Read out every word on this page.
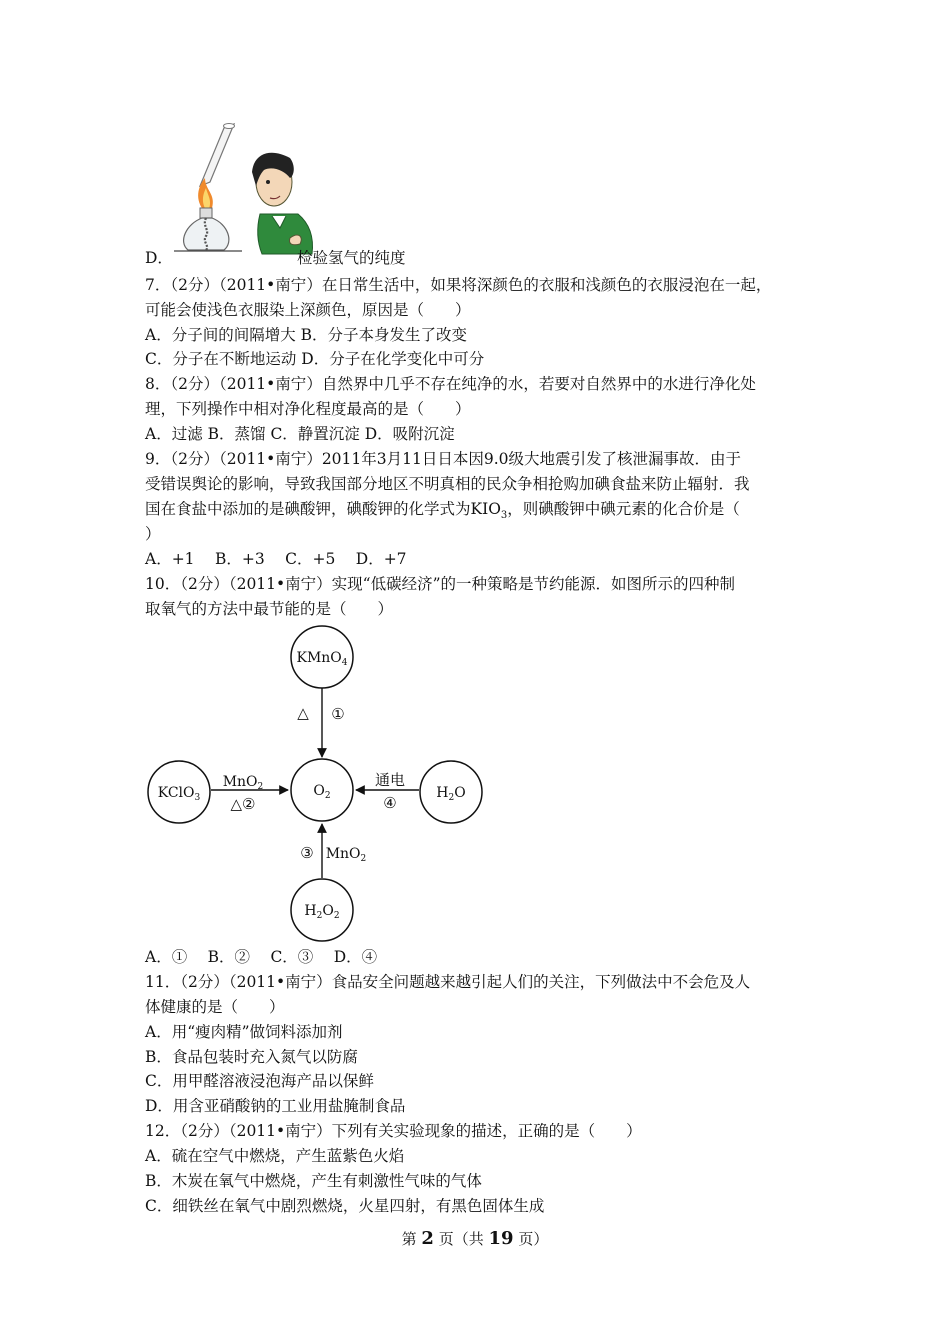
D．	检验氢气的纯度
7．（2分）（2011•南宁）在日常生活中，如果将深颜色的衣服和浅颜色的衣服浸泡在一起，
可能会使浅色衣服染上深颜色，原因是（　　）
A．分子间的间隔增大 B．分子本身发生了改变
C．分子在不断地运动 D．分子在化学变化中可分
8．（2分）（2011•南宁）自然界中几乎不存在纯净的水，若要对自然界中的水进行净化处
理，下列操作中相对净化程度最高的是（　　）
A．过滤 B．蒸馏 C．静置沉淀 D．吸附沉淀
9．（2分）（2011•南宁）2011年3月11日日本因9.0级大地震引发了核泄漏事故．由于
受错误舆论的影响，导致我国部分地区不明真相的民众争相抢购加碘食盐来防止辐射．我
国在食盐中添加的是碘酸钾，碘酸钾的化学式为$KIO_3$，则碘酸钾中碘元素的化合价是（
）
A．+1　 B．+3　 C．+5　 D．+7
10．（2分）（2011•南宁）实现“低碳经济”的一种策略是节约能源．如图所示的四种制
取氧气的方法中最节能的是（　　）
KMnO$_4$
$O_2$
KClO$_3$	$H_2O$
$H_2O_2$
△ ①
MnO$_2$
△②
通电
④
③ MnO$_2$
A．①　 B．②　 C．③　 D．④
11．（2分）（2011•南宁）食品安全问题越来越引起人们的关注，下列做法中不会危及人
体健康的是（　　）
A．用“瘦肉精”做饲料添加剂
B．食品包装时充入氮气以防腐
C．用甲醛溶液浸泡海产品以保鲜
D．用含亚硝酸钠的工业用盐腌制食品
12．（2分）（2011•南宁）下列有关实验现象的描述，正确的是（　　）
A．硫在空气中燃烧，产生蓝紫色火焰
B．木炭在氧气中燃烧，产生有刺激性气味的气体
C．细铁丝在氧气中剧烈燃烧，火星四射，有黑色固体生成
第 2 页（共 19 页）
